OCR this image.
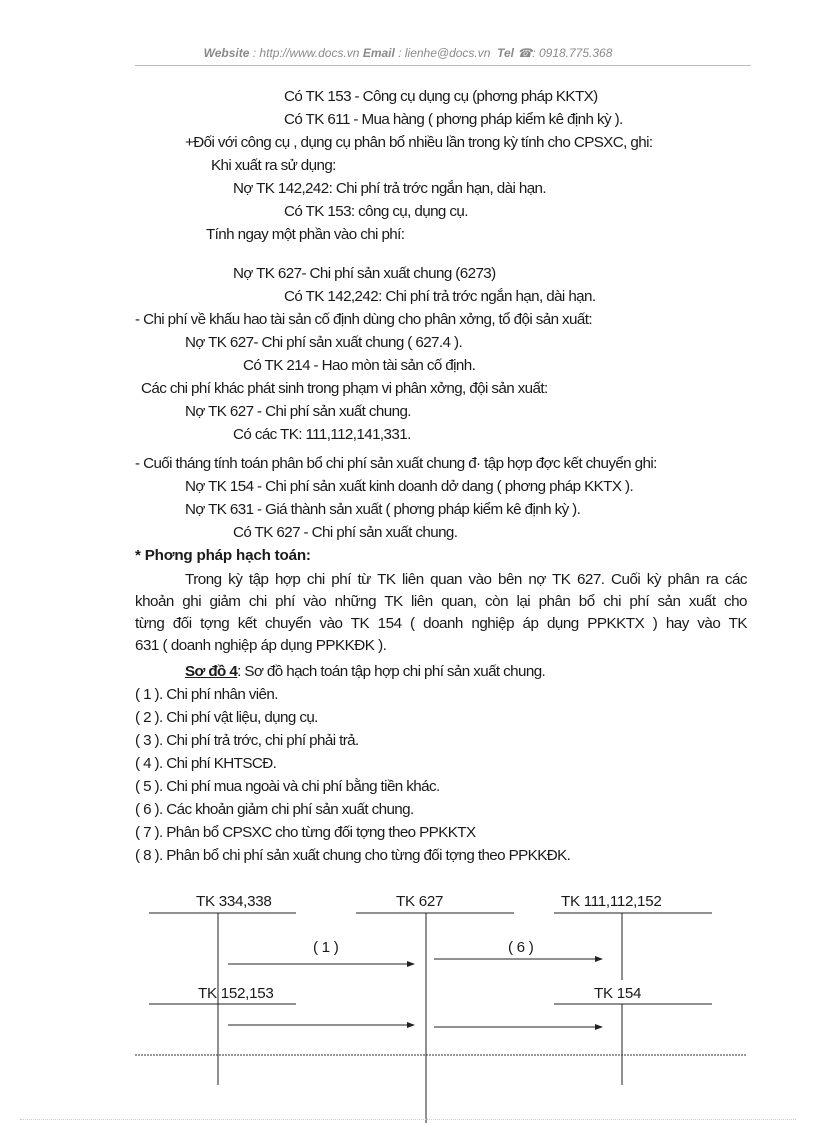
Website : http://www.docs.vn Email : lienhe@docs.vn Tel ☎: 0918.775.368
Có TK 153 - Công cụ dụng cụ (phơng pháp KKTX)
Có TK 611 - Mua hàng ( phơng pháp kiểm kê định kỳ ).
+Đối với công cụ , dụng cụ phân bổ nhiều lần trong kỳ tính cho CPSXC, ghi:
Khi xuất ra sử dụng:
Nợ TK 142,242: Chi phí trả trớc ngắn hạn, dài hạn.
Có TK 153: công cụ, dụng cụ.
Tính ngay một phần vào chi phí:
Nợ TK 627- Chi phí sản xuất chung (6273)
Có TK 142,242: Chi phí trả trớc ngắn hạn, dài hạn.
- Chi phí về khấu hao tài sản cố định dùng cho phân xởng, tổ đội sản xuất:
Nợ TK 627- Chi phí sản xuất chung ( 627.4 ).
Có TK 214 - Hao mòn tài sản cố định.
Các chi phí khác phát sinh trong phạm vi phân xởng, đội sản xuất:
Nợ TK 627 - Chi phí sản xuất chung.
Có các TK: 111,112,141,331.
- Cuối tháng tính toán phân bổ chi phí sản xuất chung đ· tập hợp đợc kết chuyển ghi:
Nợ TK 154 - Chi phí sản xuất kinh doanh dở dang ( phơng pháp KKTX ).
Nợ TK 631 - Giá thành sản xuất ( phơng pháp kiểm kê định kỳ ).
Có TK 627 - Chi phí sản xuất chung.
* Phơng pháp hạch toán:
Trong kỳ tập hợp chi phí từ TK liên quan vào bên nợ TK 627. Cuối kỳ phân ra các
khoản ghi giảm chi phí vào những TK liên quan, còn lại phân bổ chi phí sản xuất cho
từng đối tợng kết chuyển vào TK 154 ( doanh nghiệp áp dụng PPKKTX ) hay vào TK
631 ( doanh nghiệp áp dụng PPKKĐK ).
Sơ đồ 4: Sơ đồ hạch toán tập hợp chi phí sản xuất chung.
( 1 ). Chi phí nhân viên.
( 2 ). Chi phí vật liệu, dụng cụ.
( 3 ). Chi phí trả trớc, chi phí phải trả.
( 4 ). Chi phí KHTSCĐ.
( 5 ). Chi phí mua ngoài và chi phí bằng tiền khác.
( 6 ). Các khoản giảm chi phí sản xuất chung.
( 7 ). Phân bổ CPSXC cho từng đối tợng theo PPKKTX
( 8 ). Phân bổ chi phí sản xuất chung cho từng đối tợng theo PPKKĐK.
TK 334,338	TK 627	TK 111,112,152
TK 152,153	TK 154
( 1 )	( 6 )
